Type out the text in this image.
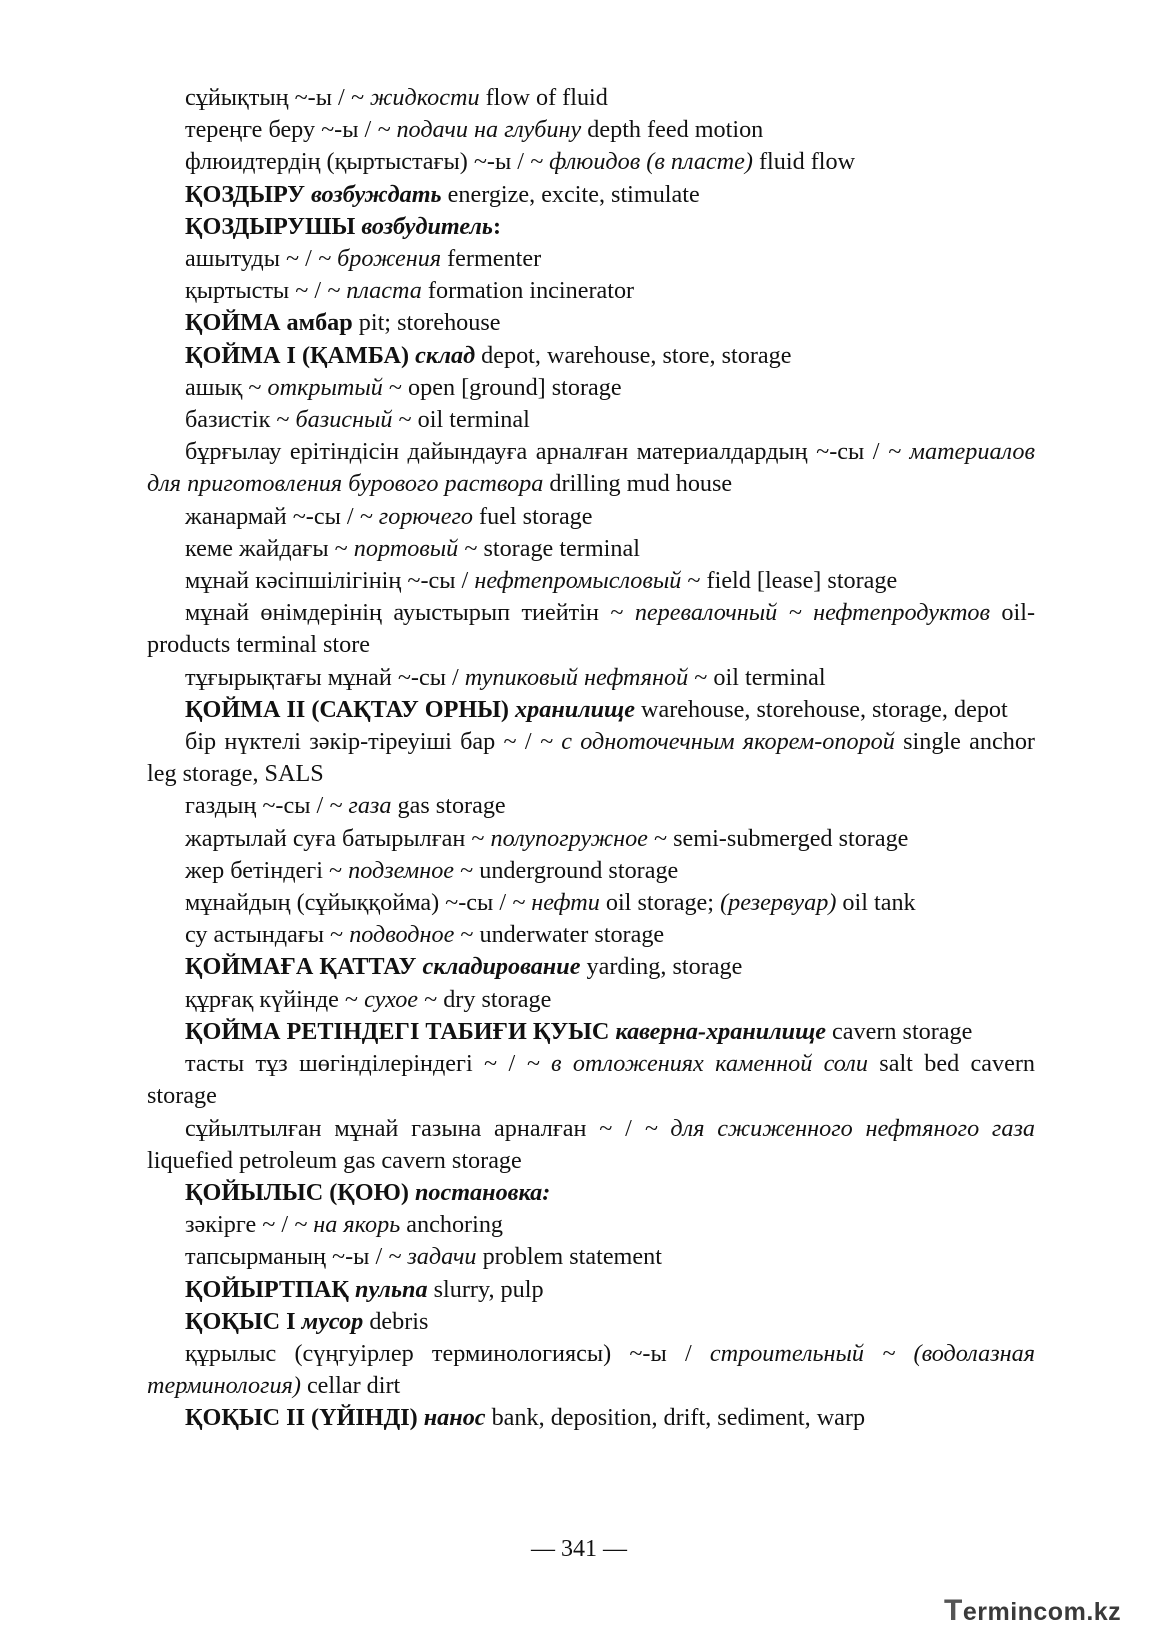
сұйықтың ~-ы / ~ жидкости flow of fluid

тереңге беру ~-ы / ~ подачи на глубину depth feed motion

флюидтердің (қыртыстағы) ~-ы / ~ флюидов (в пласте) fluid flow

ҚОЗДЫРУ возбуждать energize, excite, stimulate

ҚОЗДЫРУШЫ возбудитель:

ашытуды ~ / ~ брожения fermenter

қыртысты ~ / ~ пласта formation incinerator

ҚОЙМА амбар pit; storehouse

ҚОЙМА I (ҚАМБА) склад depot, warehouse, store, storage

ашық ~ открытый ~ open [ground] storage

базистік ~ базисный ~ oil terminal

бұрғылау ерітіндісін дайындауға арналған материалдардың ~-сы / ~ материалов для приготовления бурового раствора drilling mud house

жанармай ~-сы / ~ горючего fuel storage

кеме жайдағы ~ портовый ~ storage terminal

мұнай кәсіпшілігінің ~-сы / нефтепромысловый ~ field [lease] storage

мұнай өнімдерінің ауыстырып тиейтін ~ перевалочный ~ нефтепродуктов oil-products terminal store

тұғырықтағы мұнай ~-сы / тупиковый нефтяной ~ oil terminal

ҚОЙМА II (САҚТАУ ОРНЫ) хранилище warehouse, storehouse, storage, depot

бір нүктелі зәкір-тіреуіші бар ~ / ~ с одноточечным якорем-опорой single anchor leg storage, SALS

газдың ~-сы / ~ газа gas storage

жартылай суға батырылған ~ полупогружное ~ semi-submerged storage

жер бетіндегі ~ подземное ~ underground storage

мұнайдың (сұйыққойма) ~-сы / ~ нефти oil storage; (резервуар) oil tank

су астындағы ~ подводное ~ underwater storage

ҚОЙМАҒА ҚАТТАУ складирование yarding, storage

құрғақ күйінде ~ сухое ~ dry storage

ҚОЙМА РЕТІНДЕГІ ТАБИҒИ ҚУЫС каверна-хранилище cavern storage

тасты тұз шөгінділеріндегі ~ / ~ в отложениях каменной соли salt bed cavern storage

сұйылтылған мұнай газына арналған ~ / ~ для сжиженного нефтяного газа liquefied petroleum gas cavern storage

ҚОЙЫЛЫС (ҚОЮ) постановка:

зәкірге ~ / ~ на якорь anchoring

тапсырманың ~-ы / ~ задачи problem statement

ҚОЙЫРТПАҚ пульпа slurry, pulp

ҚОҚЫС I мусор debris

құрылыс (сүңгуірлер терминологиясы) ~-ы / строительный ~ (водолазная терминология) cellar dirt

ҚОҚЫС II (ҮЙІНДІ) нанос bank, deposition, drift, sediment, warp

— 341 —
Termincom.kz
